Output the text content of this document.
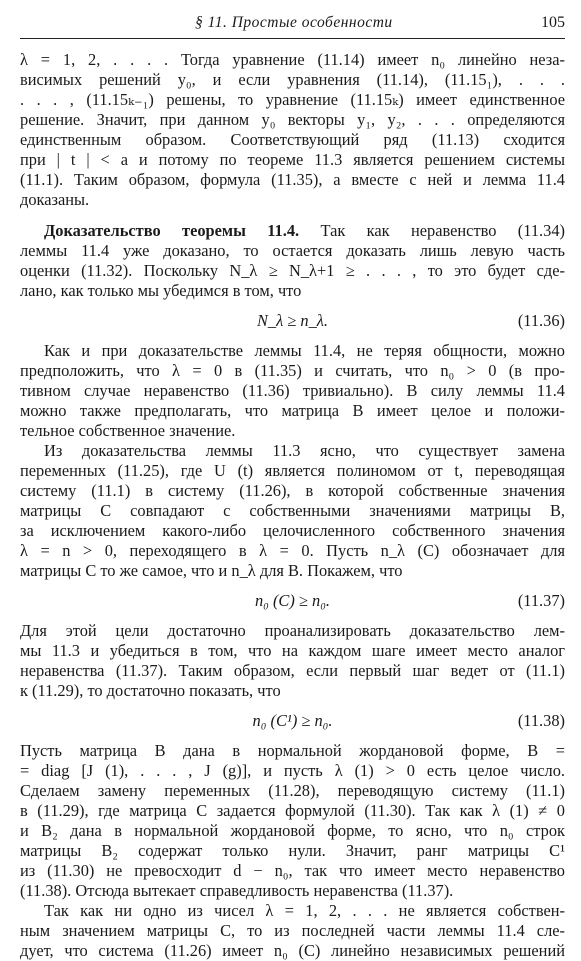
§ 11. Простые особенности	105
λ = 1, 2, . . . . Тогда уравнение (11.14) имеет n₀ линейно неза-
висимых решений y₀, и если уравнения (11.14), (11.15₁), . . .
. . . , (11.15ₖ₋₁) решены, то уравнение (11.15ₖ) имеет единственное
решение. Значит, при данном y₀ векторы y₁, y₂, . . . определяются
единственным образом. Соответствующий ряд (11.13) сходится
при | t | < a и потому по теореме 11.3 является решением системы
(11.1). Таким образом, формула (11.35), а вместе с ней и лемма 11.4
доказаны.
Доказательство теоремы 11.4. Так как неравенство (11.34)
леммы 11.4 уже доказано, то остается доказать лишь левую часть
оценки (11.32). Поскольку N_λ ≥ N_λ+1 ≥ . . . , то это будет сде-
лано, как только мы убедимся в том, что
N_λ ≥ n_λ.	(11.36)
Как и при доказательстве леммы 11.4, не теряя общности, можно
предположить, что λ = 0 в (11.35) и считать, что n₀ > 0 (в про-
тивном случае неравенство (11.36) тривиально). В силу леммы 11.4
можно также предполагать, что матрица B имеет целое и положи-
тельное собственное значение.
Из доказательства леммы 11.3 ясно, что существует замена
переменных (11.25), где U (t) является полиномом от t, переводящая
систему (11.1) в систему (11.26), в которой собственные значения
матрицы C совпадают с собственными значениями матрицы B,
за исключением какого-либо целочисленного собственного значения
λ = n > 0, переходящего в λ = 0. Пусть n_λ (C) обозначает для
матрицы C то же самое, что и n_λ для B. Покажем, что
n₀ (C) ≥ n₀.	(11.37)
Для этой цели достаточно проанализировать доказательство лем-
мы 11.3 и убедиться в том, что на каждом шаге имеет место аналог
неравенства (11.37). Таким образом, если первый шаг ведет от (11.1)
к (11.29), то достаточно показать, что
n₀ (C¹) ≥ n₀.	(11.38)
Пусть матрица B дана в нормальной жордановой форме, B =
= diag [J (1), . . . , J (g)], и пусть λ (1) > 0 есть целое число.
Сделаем замену переменных (11.28), переводящую систему (11.1)
в (11.29), где матрица C задается формулой (11.30). Так как λ (1) ≠ 0
и B₂ дана в нормальной жордановой форме, то ясно, что n₀ строк
матрицы B₂ содержат только нули. Значит, ранг матрицы C¹
из (11.30) не превосходит d − n₀, так что имеет место неравенство
(11.38). Отсюда вытекает справедливость неравенства (11.37).
Так как ни одно из чисел λ = 1, 2, . . . не является собствен-
ным значением матрицы C, то из последней части леммы 11.4 сле-
дует, что система (11.26) имеет n₀ (C) линейно независимых решений
